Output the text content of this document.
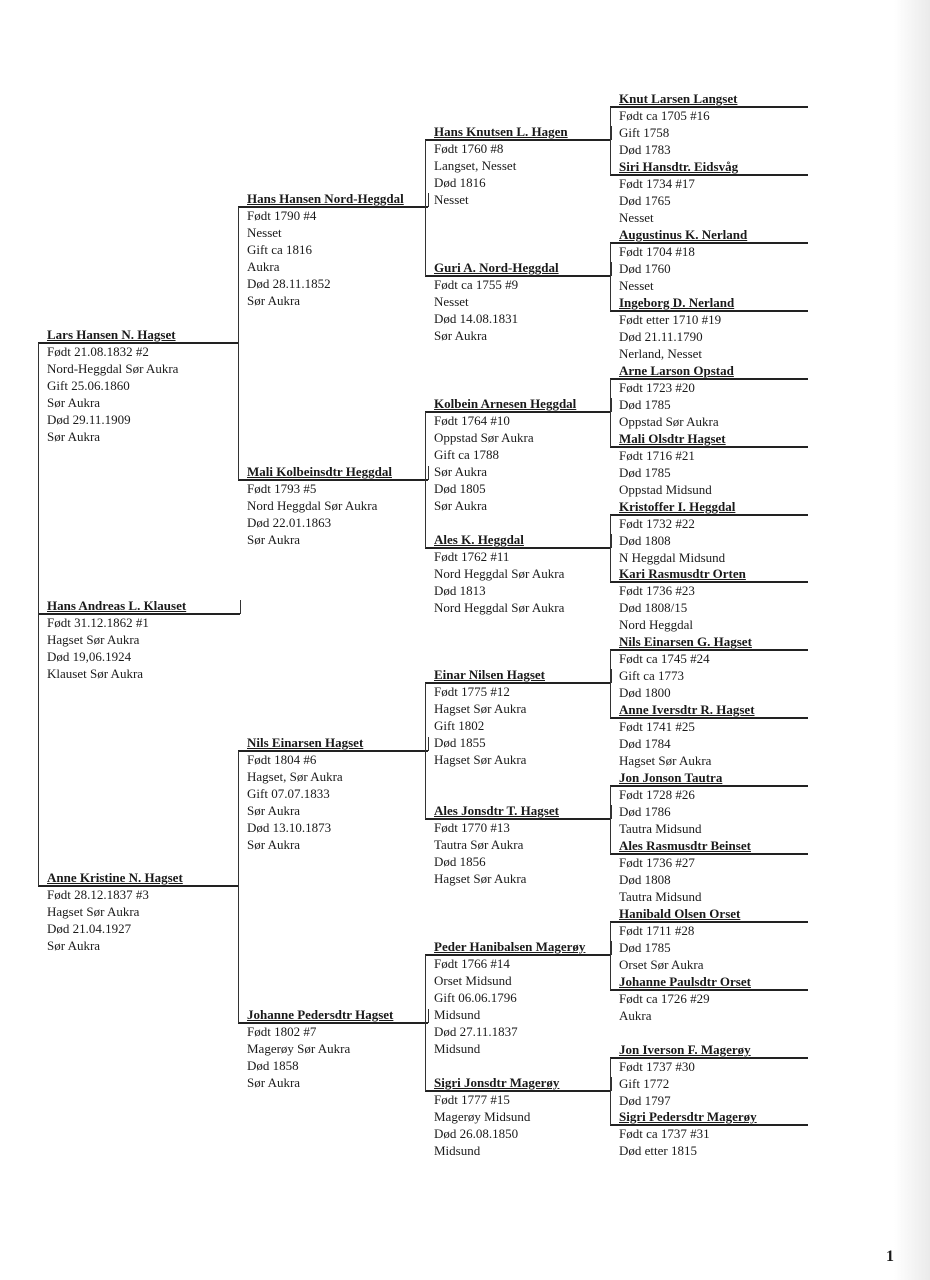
Hans Andreas L. Klauset
Født 31.12.1862 #1
Hagset Sør Aukra
Død 19,06.1924
Klauset Sør Aukra
Lars Hansen N. Hagset
Født 21.08.1832 #2
Nord-Heggdal Sør Aukra
Gift 25.06.1860
Sør Aukra
Død 29.11.1909
Sør Aukra
Anne Kristine N. Hagset
Født 28.12.1837 #3
Hagset Sør Aukra
Død 21.04.1927
Sør Aukra
Hans Hansen Nord-Heggdal
Født 1790 #4
Nesset
Gift ca 1816
Aukra
Død 28.11.1852
Sør Aukra
Mali Kolbeinsdtr Heggdal
Født 1793 #5
Nord Heggdal Sør Aukra
Død 22.01.1863
Sør Aukra
Nils Einarsen Hagset
Født 1804 #6
Hagset, Sør Aukra
Gift 07.07.1833
Sør Aukra
Død 13.10.1873
Sør Aukra
Johanne Pedersdtr Hagset
Født 1802 #7
Magerøy Sør Aukra
Død 1858
Sør Aukra
Hans Knutsen L. Hagen
Født 1760 #8
Langset, Nesset
Død 1816
Nesset
Guri A. Nord-Heggdal
Født ca 1755 #9
Nesset
Død 14.08.1831
Sør Aukra
Kolbein Arnesen Heggdal
Født 1764 #10
Oppstad Sør Aukra
Gift ca 1788
Sør Aukra
Død 1805
Sør Aukra
Ales K. Heggdal
Født 1762 #11
Nord Heggdal Sør Aukra
Død 1813
Nord Heggdal Sør Aukra
Einar Nilsen Hagset
Født 1775 #12
Hagset Sør Aukra
Gift 1802
Død 1855
Hagset Sør Aukra
Ales Jonsdtr T. Hagset
Født 1770 #13
Tautra Sør Aukra
Død 1856
Hagset Sør Aukra
Peder Hanibalsen Magerøy
Født 1766 #14
Orset Midsund
Gift 06.06.1796
Midsund
Død 27.11.1837
Midsund
Sigri Jonsdtr Magerøy
Født 1777 #15
Magerøy Midsund
Død 26.08.1850
Midsund
Knut Larsen Langset
Født ca 1705 #16
Gift 1758
Død 1783
Siri Hansdtr. Eidsvåg
Født 1734 #17
Død 1765
Nesset
Augustinus K. Nerland
Født 1704 #18
Død 1760
Nesset
Ingeborg D. Nerland
Født etter 1710 #19
Død 21.11.1790
Nerland, Nesset
Arne Larson Opstad
Født 1723 #20
Død 1785
Oppstad Sør Aukra
Mali Olsdtr Hagset
Født 1716 #21
Død 1785
Oppstad Midsund
Kristoffer I. Heggdal
Født 1732 #22
Død 1808
N Heggdal Midsund
Kari Rasmusdtr Orten
Født 1736 #23
Død 1808/15
Nord Heggdal
Nils Einarsen G. Hagset
Født ca 1745 #24
Gift ca 1773
Død 1800
Anne Iversdtr R. Hagset
Født 1741 #25
Død 1784
Hagset Sør Aukra
Jon Jonson Tautra
Født 1728 #26
Død 1786
Tautra Midsund
Ales Rasmusdtr Beinset
Født 1736 #27
Død 1808
Tautra Midsund
Hanibald Olsen Orset
Født 1711 #28
Død 1785
Orset Sør Aukra
Johanne Paulsdtr Orset
Født ca 1726 #29
Aukra
Jon Iverson F. Magerøy
Født 1737 #30
Gift 1772
Død 1797
Sigri Pedersdtr Magerøy
Født ca 1737 #31
Død etter 1815
1
